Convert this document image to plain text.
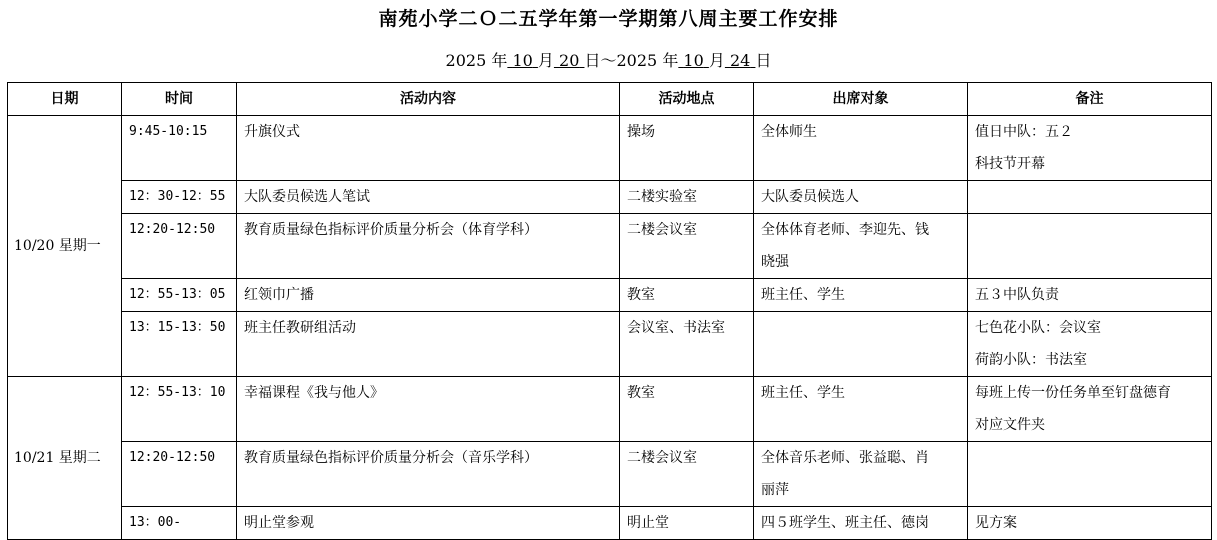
南苑小学二Ｏ二五学年第一学期第八周主要工作安排
2025 年 10 月 20 日～2025 年 10 月 24 日
日期	时间	活动内容	活动地点	出席对象	备注
10/20 星期一	9:45-10:15	升旗仪式	操场	全体师生	值日中队：五２
科技节开幕

	12：30-12：55	大队委员候选人笔试	二楼实验室	大队委员候选人	

	12:20-12:50	教育质量绿色指标评价质量分析会（体育学科）	二楼会议室	全体体育老师、李迎先、钱
晓强	

	12：55-13：05	红领巾广播	教室	班主任、学生	五３中队负责

	13：15-13：50	班主任教研组活动	会议室、书法室		七色花小队：会议室
荷韵小队：书法室

10/21 星期二	12：55-13：10	幸福课程《我与他人》	教室	班主任、学生	每班上传一份任务单至钉盘德育
对应文件夹

	12:20-12:50	教育质量绿色指标评价质量分析会（音乐学科）	二楼会议室	全体音乐老师、张益聪、肖
丽萍	

	13：00-	明止堂参观	明止堂	四５班学生、班主任、德岗	见方案
